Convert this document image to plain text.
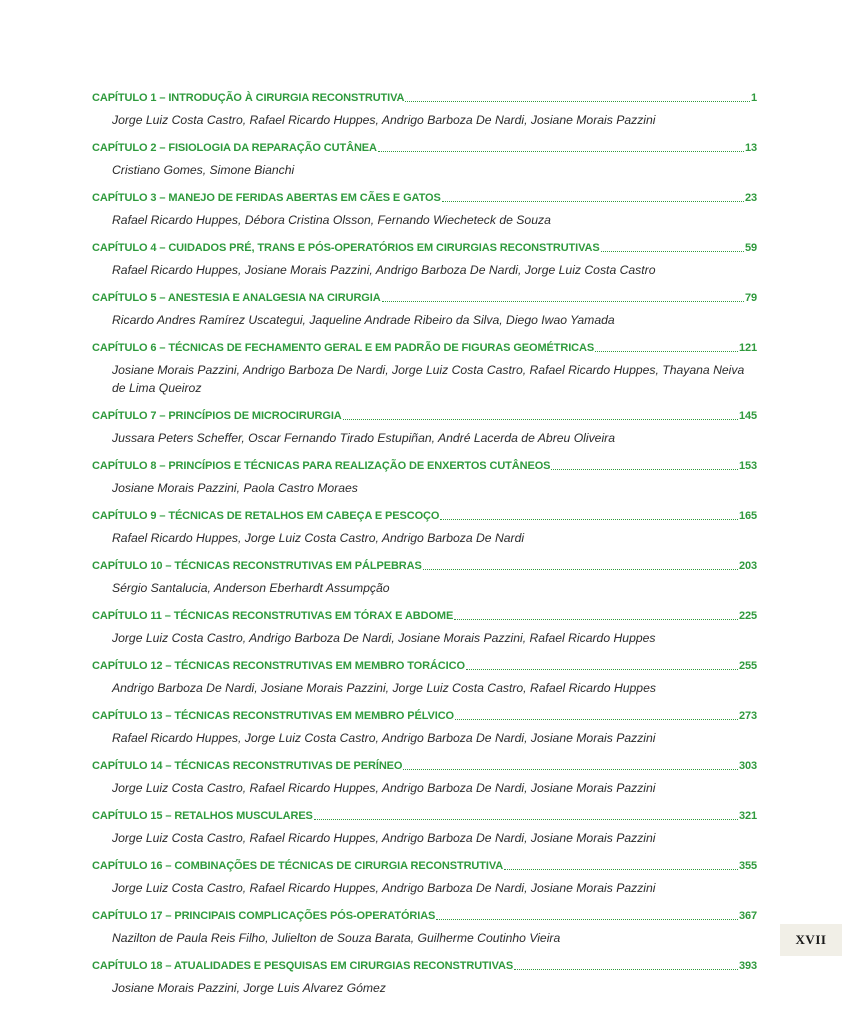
CAPÍTULO 1 – INTRODUÇÃO À CIRURGIA RECONSTRUTIVA	1
Jorge Luiz Costa Castro, Rafael Ricardo Huppes, Andrigo Barboza De Nardi, Josiane Morais Pazzini
CAPÍTULO 2 – FISIOLOGIA DA REPARAÇÃO CUTÂNEA	13
Cristiano Gomes, Simone Bianchi
CAPÍTULO 3 – MANEJO DE FERIDAS ABERTAS EM CÃES E GATOS	23
Rafael Ricardo Huppes, Débora Cristina Olsson, Fernando Wiecheteck de Souza
CAPÍTULO 4 – CUIDADOS PRÉ, TRANS E PÓS-OPERATÓRIOS EM CIRURGIAS RECONSTRUTIVAS	59
Rafael Ricardo Huppes, Josiane Morais Pazzini, Andrigo Barboza De Nardi, Jorge Luiz Costa Castro
CAPÍTULO 5 – ANESTESIA E ANALGESIA NA CIRURGIA	79
Ricardo Andres Ramírez Uscategui, Jaqueline Andrade Ribeiro da Silva, Diego Iwao Yamada
CAPÍTULO 6 – TÉCNICAS DE FECHAMENTO GERAL E EM PADRÃO DE FIGURAS GEOMÉTRICAS	121
Josiane Morais Pazzini, Andrigo Barboza De Nardi, Jorge Luiz Costa Castro, Rafael Ricardo Huppes, Thayana Neiva de Lima Queiroz
CAPÍTULO 7 – PRINCÍPIOS DE MICROCIRURGIA	145
Jussara Peters Scheffer, Oscar Fernando Tirado Estupiñan, André Lacerda de Abreu Oliveira
CAPÍTULO 8 – PRINCÍPIOS E TÉCNICAS PARA REALIZAÇÃO DE ENXERTOS CUTÂNEOS	153
Josiane Morais Pazzini, Paola Castro Moraes
CAPÍTULO 9 – TÉCNICAS DE RETALHOS EM CABEÇA E PESCOÇO	165
Rafael Ricardo Huppes, Jorge Luiz Costa Castro, Andrigo Barboza De Nardi
CAPÍTULO 10 – TÉCNICAS RECONSTRUTIVAS EM PÁLPEBRAS	203
Sérgio Santalucia, Anderson Eberhardt Assumpção
CAPÍTULO 11 – TÉCNICAS RECONSTRUTIVAS EM TÓRAX E ABDOME	225
Jorge Luiz Costa Castro, Andrigo Barboza De Nardi, Josiane Morais Pazzini, Rafael Ricardo Huppes
CAPÍTULO 12 – TÉCNICAS RECONSTRUTIVAS EM MEMBRO TORÁCICO	255
Andrigo Barboza De Nardi, Josiane Morais Pazzini, Jorge Luiz Costa Castro, Rafael Ricardo Huppes
CAPÍTULO 13 – TÉCNICAS RECONSTRUTIVAS EM MEMBRO PÉLVICO	273
Rafael Ricardo Huppes, Jorge Luiz Costa Castro, Andrigo Barboza De Nardi, Josiane Morais Pazzini
CAPÍTULO 14 – TÉCNICAS RECONSTRUTIVAS DE PERÍNEO	303
Jorge Luiz Costa Castro, Rafael Ricardo Huppes, Andrigo Barboza De Nardi, Josiane Morais Pazzini
CAPÍTULO 15 – RETALHOS MUSCULARES	321
Jorge Luiz Costa Castro, Rafael Ricardo Huppes, Andrigo Barboza De Nardi, Josiane Morais Pazzini
CAPÍTULO 16 – COMBINAÇÕES DE TÉCNICAS DE CIRURGIA RECONSTRUTIVA	355
Jorge Luiz Costa Castro, Rafael Ricardo Huppes, Andrigo Barboza De Nardi, Josiane Morais Pazzini
CAPÍTULO 17 – PRINCIPAIS COMPLICAÇÕES PÓS-OPERATÓRIAS	367
Nazilton de Paula Reis Filho, Julielton de Souza Barata, Guilherme Coutinho Vieira
CAPÍTULO 18 – ATUALIDADES E PESQUISAS EM CIRURGIAS RECONSTRUTIVAS	393
Josiane Morais Pazzini, Jorge Luis Alvarez Gómez
XVII
